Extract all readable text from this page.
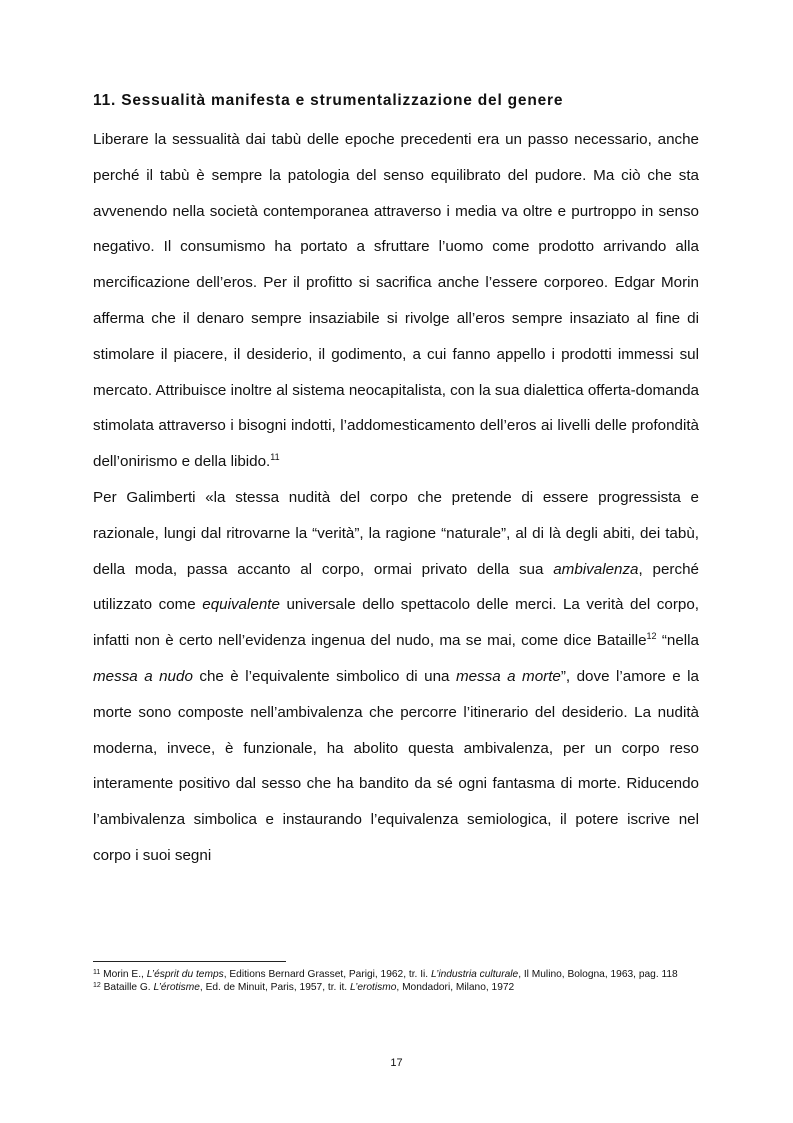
11. Sessualità manifesta e strumentalizzazione del genere

Liberare la sessualità dai tabù delle epoche precedenti era un passo necessario, anche perché il tabù è sempre la patologia del senso equilibrato del pudore. Ma ciò che sta avvenendo nella società contemporanea attraverso i media va oltre e purtroppo in senso negativo. Il consumismo ha portato a sfruttare l’uomo come prodotto arrivando alla mercificazione dell’eros. Per il profitto si sacrifica anche l’essere corporeo. Edgar Morin afferma che il denaro sempre insaziabile si rivolge all’eros sempre insaziato al fine di stimolare il piacere, il desiderio, il godimento, a cui fanno appello i prodotti immessi sul mercato. Attribuisce inoltre al sistema neocapitalista, con la sua dialettica offerta-domanda stimolata attraverso i bisogni indotti, l’addomesticamento dell’eros ai livelli delle profondità dell’onirismo e della libido.$^{11}$

Per Galimberti «la stessa nudità del corpo che pretende di essere progressista e razionale, lungi dal ritrovarne la “verità”, la ragione “naturale”, al di là degli abiti, dei tabù, della moda, passa accanto al corpo, ormai privato della sua ambivalenza, perché utilizzato come equivalente universale dello spettacolo delle merci. La verità del corpo, infatti non è certo nell’evidenza ingenua del nudo, ma se mai, come dice Bataille$^{12}$ “nella messa a nudo che è l’equivalente simbolico di una messa a morte”, dove l’amore e la morte sono composte nell’ambivalenza che percorre l’itinerario del desiderio. La nudità moderna, invece, è funzionale, ha abolito questa ambivalenza, per un corpo reso interamente positivo dal sesso che ha bandito da sé ogni fantasma di morte. Riducendo l’ambivalenza simbolica e instaurando l’equivalenza semiologica, il potere iscrive nel corpo i suoi segni

$^{11}$ Morin E., L’ésprit du temps, Editions Bernard Grasset, Parigi, 1962, tr. Ii. L’industria culturale, Il Mulino, Bologna, 1963, pag. 118

$^{12}$ Bataille G. L’érotisme, Ed. de Minuit, Paris, 1957, tr. it. L’erotismo, Mondadori, Milano, 1972

17
